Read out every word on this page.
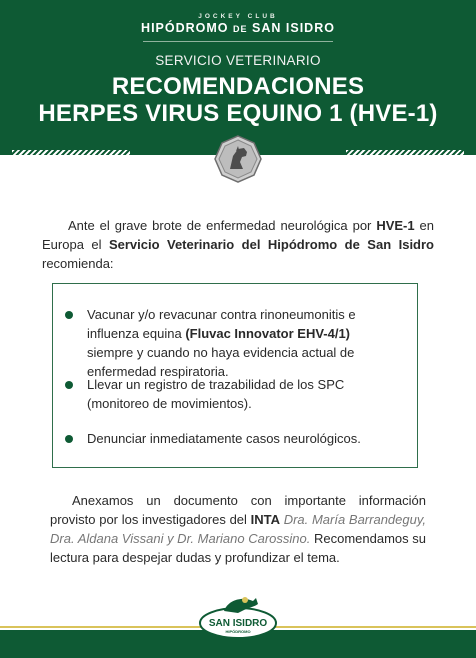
JOCKEY CLUB
HIPÓDROMO DE SAN ISIDRO
SERVICIO VETERINARIO
RECOMENDACIONES
HERPES VIRUS EQUINO 1 (HVE-1)
Ante el grave brote de enfermedad neurológica por HVE-1 en Europa el Servicio Veterinario del Hipódromo de San Isidro recomienda:
Vacunar y/o revacunar contra rinoneumonitis e influenza equina (Fluvac Innovator EHV-4/1) siempre y cuando no haya evidencia actual de enfermedad respiratoria.
Llevar un registro de trazabilidad de los SPC (monitoreo de movimientos).
Denunciar inmediatamente casos neurológicos.
Anexamos un documento con importante información provisto por los investigadores del INTA Dra. María Barrandeguy, Dra. Aldana Vissani y Dr. Mariano Carossino. Recomendamos su lectura para despejar dudas y profundizar el tema.
SAN ISIDRO
HIPÓDROMO
